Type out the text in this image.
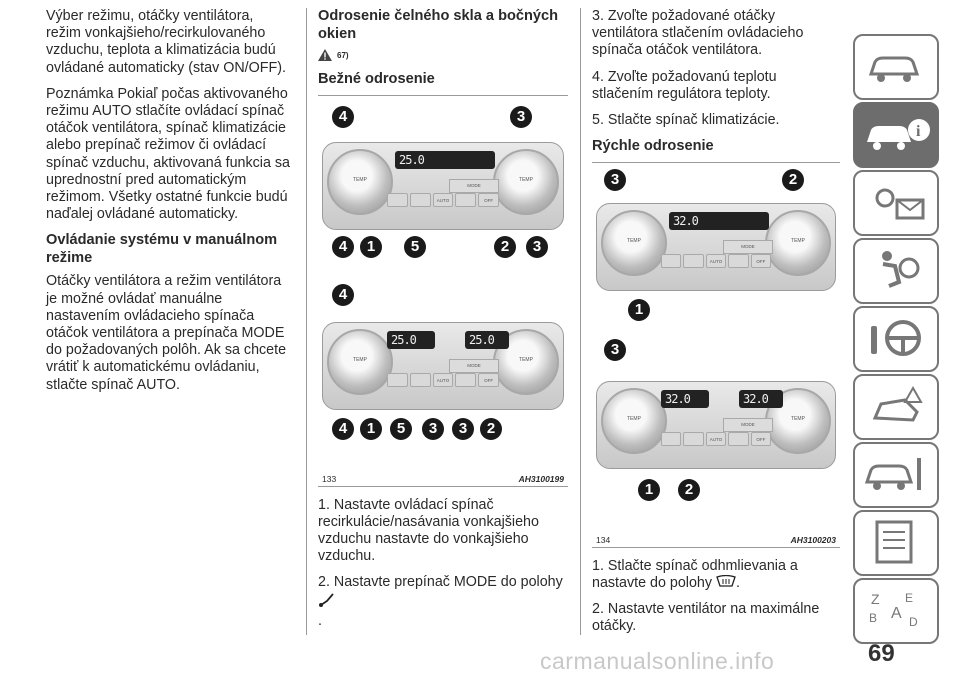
Výber režimu, otáčky ventilátora, režim vonkajšieho/recirkulovaného vzduchu, teplota a klimatizácia budú ovládané automaticky (stav ON/OFF).

Poznámka Pokiaľ počas aktivovaného režimu AUTO stlačíte ovládací spínač otáčok ventilátora, spínač klimatizácie alebo prepínač režimov či ovládací spínač vzduchu, aktivovaná funkcia sa uprednostní pred automatickým režimom. Všetky ostatné funkcie budú naďalej ovládané automaticky.

Ovládanie systému v manuálnom režime

Otáčky ventilátora a režim ventilátora je možné ovládať manuálne nastavením ovládacieho spínača otáčok ventilátora a prepínača MODE do požadovaných polôh. Ak sa chcete vrátiť k automatickému ovládaniu, stlačte spínač AUTO.

Odrosenie čelného skla a bočných okien
67)
Bežné odrosenie
TEMP	TEMP
25.0
MODE
AUTO	OFF
4	3
4	1	5	2	3
TEMP	TEMP
25.0	25.0
MODE
AUTO	OFF
4
4	1	5	3	3	2
133	AH3100199

1. Nastavte ovládací spínač recirkulácie/nasávania vonkajšieho vzduchu nastavte do vonkajšieho vzduchu.

2. Nastavte prepínač MODE do polohy
.

3. Zvoľte požadované otáčky ventilátora stlačením ovládacieho spínača otáčok ventilátora.

4. Zvoľte požadovanú teplotu stlačením regulátora teploty.

5. Stlačte spínač klimatizácie.

Rýchle odrosenie
TEMP	TEMP
32.0
MODE
AUTO	OFF
3	2
1
TEMP	TEMP
32.0	32.0
MODE
AUTO	OFF
3
1	2
134	AH3100203

1. Stlačte spínač odhmlievania a nastavte do polohy .

2. Nastavte ventilátor na maximálne otáčky.

i
Z E
A
B	D
69
carmanualsonline.info
